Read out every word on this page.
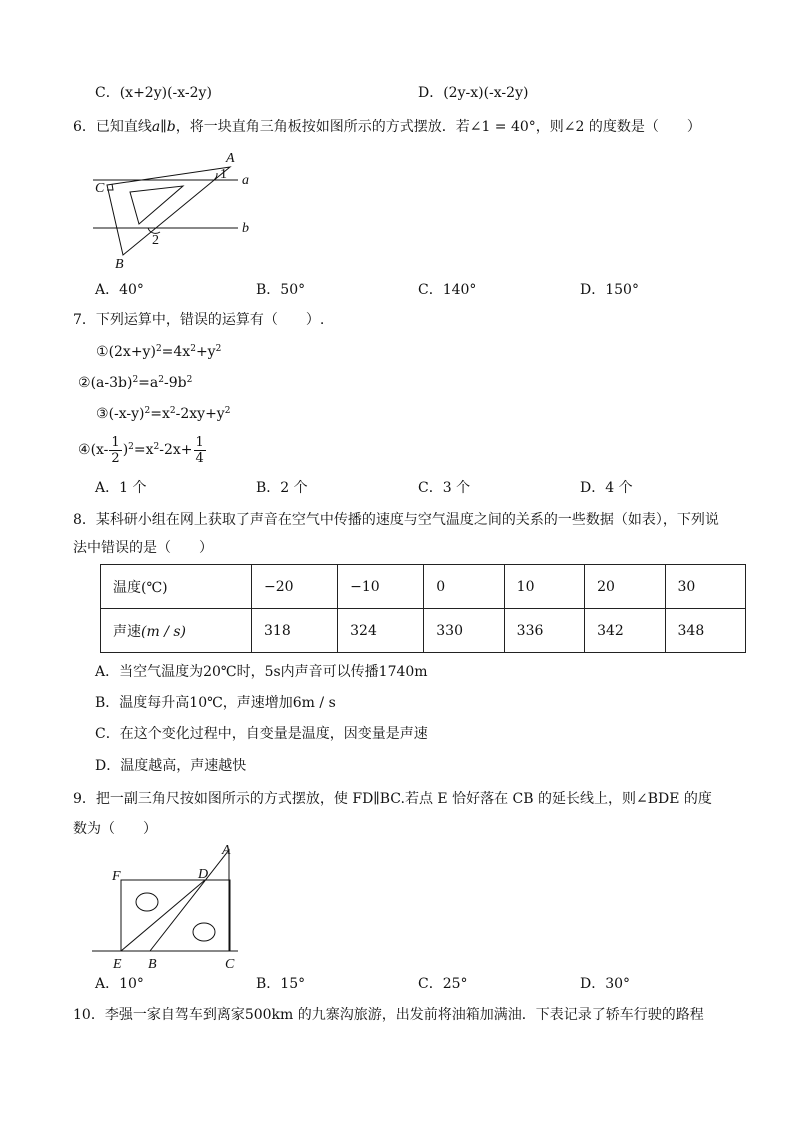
C．(x+2y)(-x-2y)	D．(2y-x)(-x-2y)
6．已知直线a∥b，将一块直角三角板按如图所示的方式摆放．若∠1 = 40°，则∠2 的度数是（　　）
A
C
B
1
2
a
b
A．40°	B．50°	C．140°	D．150°
7．下列运算中，错误的运算有（　　）.
$①(2x+y)^2=4x^2+y^2$
$②(a-3b)^2=a^2-9b^2$
$③(-x-y)^2=x^2-2xy+y^2$
④(x- $\frac{1}{2} )^2=x^2-2x+ \frac{1}{4}$
A．1 个	B．2 个	C．3 个	D．4 个
8．某科研小组在网上获取了声音在空气中传播的速度与空气温度之间的关系的一些数据（如表），下列说
法中错误的是（　　）
温度(℃)	−20	−10	0	10	20	30
声速(m / s)	318	324	330	336	342	348
A．当空气温度为20℃时，5s内声音可以传播1740m
B．温度每升高10℃，声速增加6m / s
C．在这个变化过程中，自变量是温度，因变量是声速
D．温度越高，声速越快
9．把一副三角尺按如图所示的方式摆放，使 FD∥BC.若点 E 恰好落在 CB 的延长线上，则∠BDE 的度
数为（　　）
A
F	D
E B	C
A．10°	B．15°	C．25°	D．30°
10．李强一家自驾车到离家500km 的九寨沟旅游，出发前将油箱加满油．下表记录了轿车行驶的路程
